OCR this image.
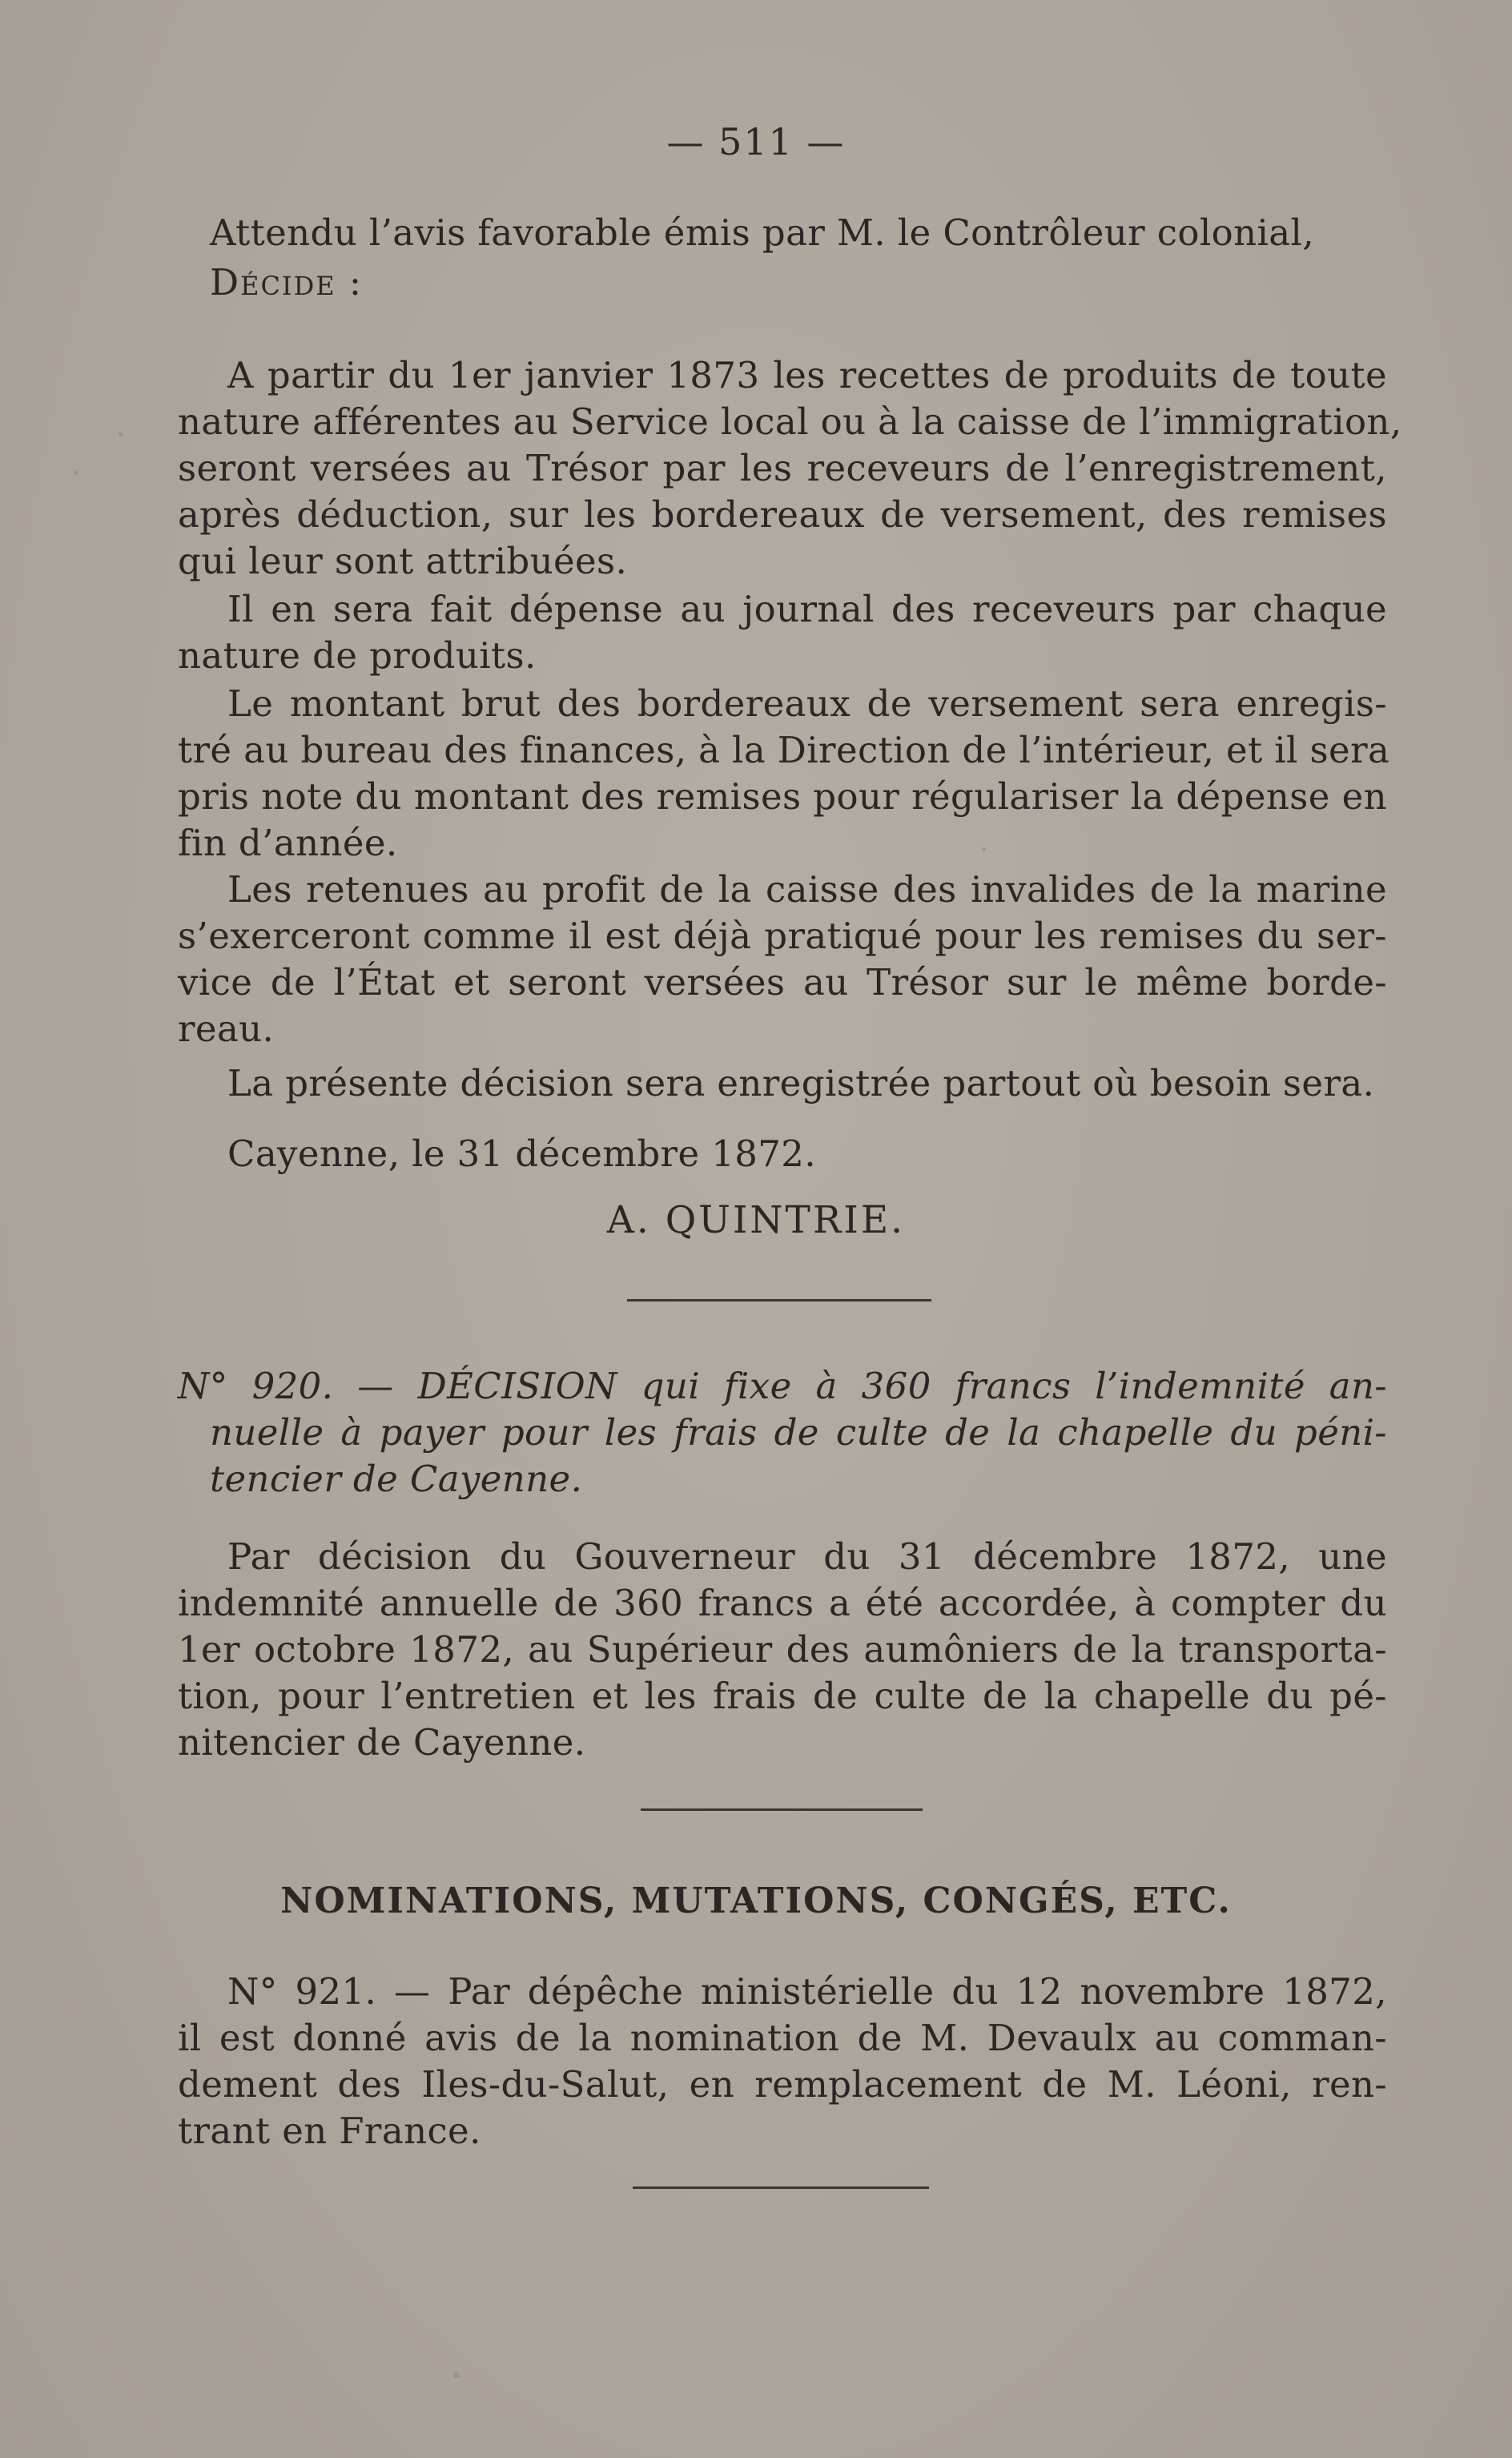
— 511 —
Attendu l’avis favorable émis par M. le Contrôleur colonial,
Décide :
A partir du 1er janvier 1873 les recettes de produits de toute
nature afférentes au Service local ou à la caisse de l’immigration,
seront versées au Trésor par les receveurs de l’enregistrement,
après déduction, sur les bordereaux de versement, des remises
qui leur sont attribuées.
Il en sera fait dépense au journal des receveurs par chaque
nature de produits.
Le montant brut des bordereaux de versement sera enregis-
tré au bureau des finances, à la Direction de l’intérieur, et il sera
pris note du montant des remises pour régulariser la dépense en
fin d’année.
Les retenues au profit de la caisse des invalides de la marine
s’exerceront comme il est déjà pratiqué pour les remises du ser-
vice de l’État et seront versées au Trésor sur le même borde-
reau.
La présente décision sera enregistrée partout où besoin sera.
Cayenne, le 31 décembre 1872.
A. QUINTRIE.
N° 920. — DÉCISION qui fixe à 360 francs l’indemnité an-
nuelle à payer pour les frais de culte de la chapelle du péni-
tencier de Cayenne.
Par décision du Gouverneur du 31 décembre 1872, une
indemnité annuelle de 360 francs a été accordée, à compter du
1er octobre 1872, au Supérieur des aumôniers de la transporta-
tion, pour l’entretien et les frais de culte de la chapelle du pé-
nitencier de Cayenne.
NOMINATIONS, MUTATIONS, CONGÉS, ETC.
N° 921. — Par dépêche ministérielle du 12 novembre 1872,
il est donné avis de la nomination de M. Devaulx au comman-
dement des Iles-du-Salut, en remplacement de M. Léoni, ren-
trant en France.
